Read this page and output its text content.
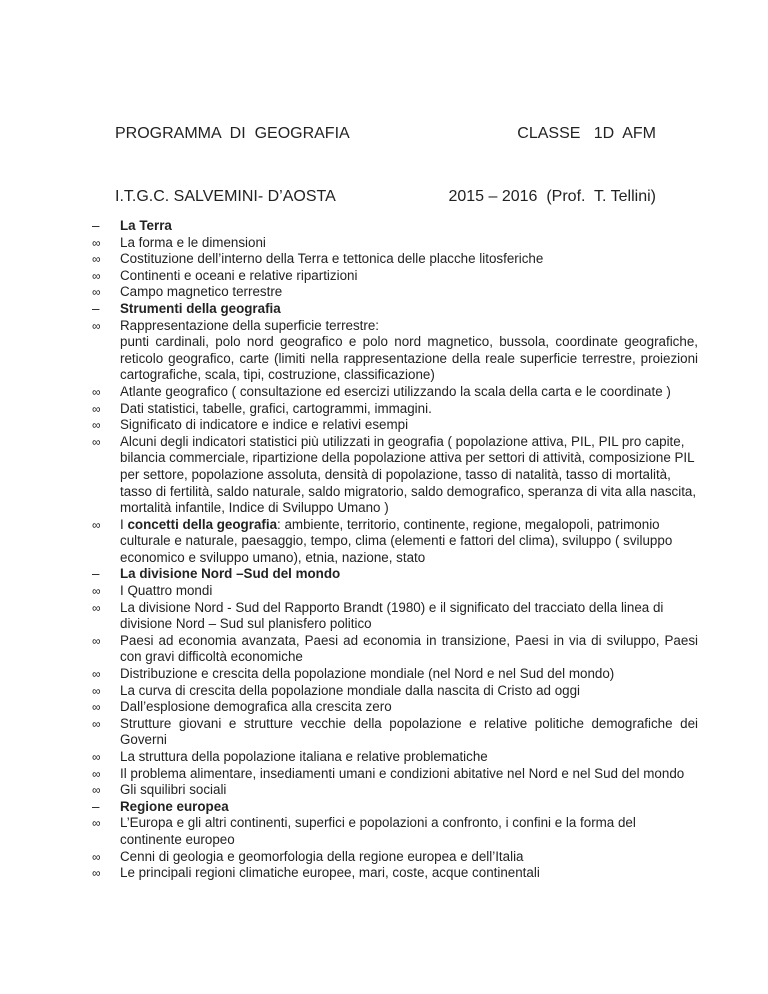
PROGRAMMA  DI  GEOGRAFIA	CLASSE   1D  AFM

I.T.G.C. SALVEMINI- D’AOSTA	2015 – 2016  (Prof.  T. Tellini)

–	La Terra
∞	La forma e le dimensioni
∞	Costituzione dell’interno della Terra e tettonica delle placche litosferiche
∞	Continenti e oceani e relative ripartizioni
∞	Campo magnetico terrestre
–	Strumenti della geografia
∞	Rappresentazione della superficie terrestre:
punti cardinali, polo nord geografico e polo nord magnetico, bussola, coordinate geografiche, reticolo geografico, carte (limiti nella rappresentazione della reale superficie terrestre, proiezioni cartografiche, scala, tipi, costruzione, classificazione)
∞	Atlante geografico ( consultazione ed esercizi utilizzando la scala della carta e le coordinate )
∞	Dati statistici, tabelle, grafici, cartogrammi, immagini.
∞	Significato di indicatore e indice e relativi esempi
∞	Alcuni degli indicatori statistici più utilizzati in geografia ( popolazione attiva, PIL, PIL pro capite, bilancia commerciale, ripartizione della popolazione attiva per settori di attività, composizione PIL per settore, popolazione assoluta, densità di popolazione, tasso di natalità, tasso di mortalità, tasso di fertilità, saldo naturale, saldo migratorio, saldo demografico, speranza di vita alla nascita, mortalità infantile, Indice di Sviluppo Umano )
∞	I concetti della geografia: ambiente, territorio, continente, regione, megalopoli, patrimonio culturale e naturale, paesaggio, tempo, clima (elementi e fattori del clima), sviluppo ( sviluppo economico e sviluppo umano), etnia, nazione, stato
–	La divisione Nord –Sud del mondo
∞	I Quattro mondi
∞	La divisione Nord - Sud del Rapporto Brandt (1980) e il significato del tracciato della linea di divisione Nord – Sud sul planisfero politico
∞	Paesi ad economia avanzata, Paesi ad economia in transizione, Paesi in via di sviluppo, Paesi con gravi difficoltà economiche
∞	Distribuzione e crescita della popolazione mondiale (nel Nord e nel Sud del mondo)
∞	La curva di crescita della popolazione mondiale dalla nascita di Cristo ad oggi
∞	Dall’esplosione demografica alla crescita zero
∞	Strutture giovani e strutture vecchie della popolazione e relative politiche demografiche dei Governi
∞	La struttura della popolazione italiana e relative problematiche
∞	Il problema alimentare, insediamenti umani e condizioni abitative nel Nord e nel Sud del mondo
∞	Gli squilibri sociali
–	Regione europea
∞	L’Europa e gli altri continenti, superfici e popolazioni a confronto, i confini e la forma del continente europeo
∞	Cenni di geologia e geomorfologia della regione europea e dell’Italia
∞	Le principali regioni climatiche europee, mari, coste, acque continentali
